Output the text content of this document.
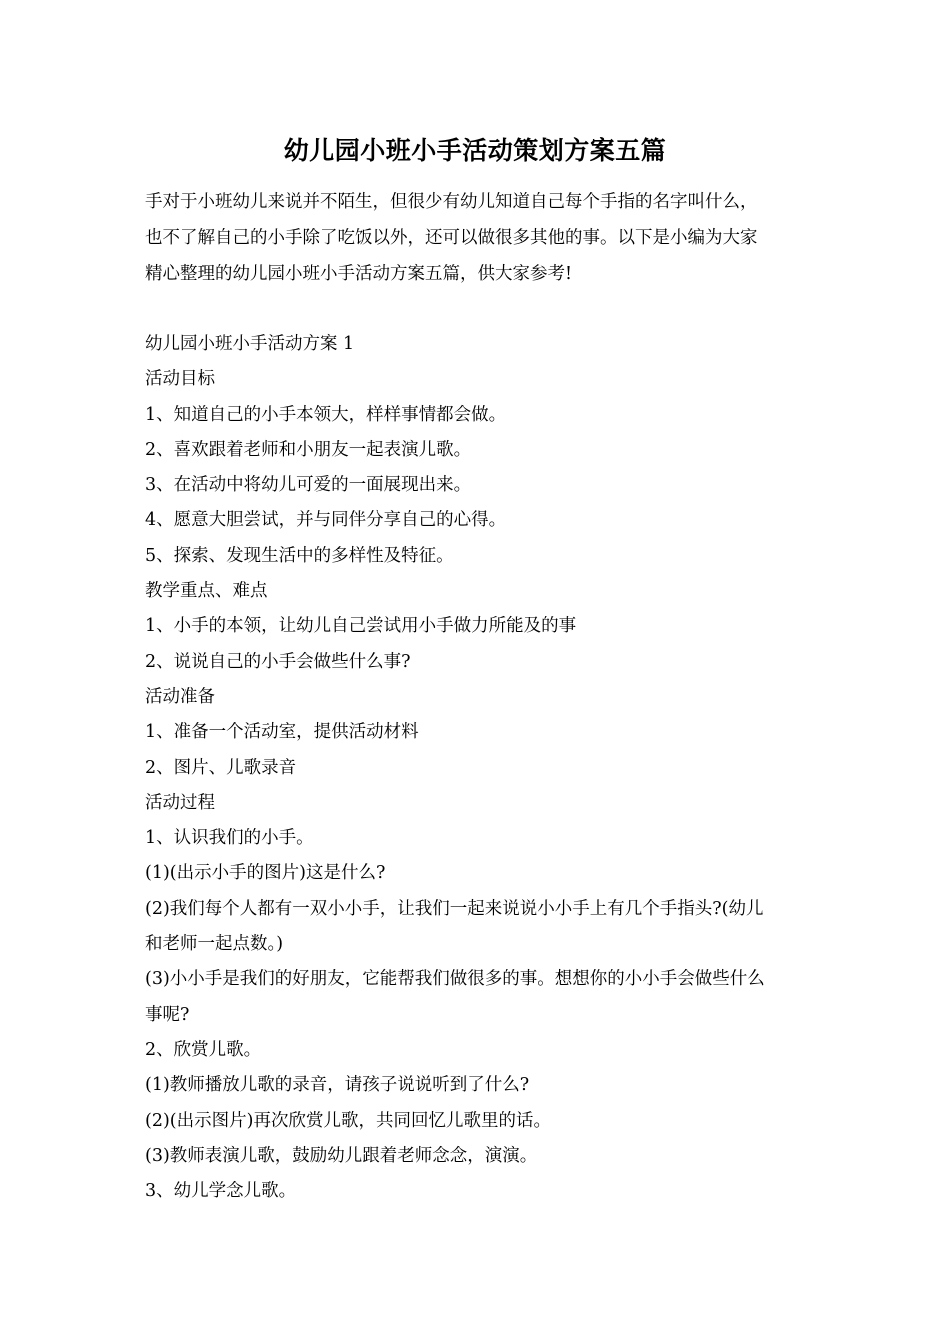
幼儿园小班小手活动策划方案五篇
手对于小班幼儿来说并不陌生，但很少有幼儿知道自己每个手指的名字叫什么，
也不了解自己的小手除了吃饭以外，还可以做很多其他的事。以下是小编为大家
精心整理的幼儿园小班小手活动方案五篇，供大家参考!
幼儿园小班小手活动方案 1
活动目标
1、知道自己的小手本领大，样样事情都会做。
2、喜欢跟着老师和小朋友一起表演儿歌。
3、在活动中将幼儿可爱的一面展现出来。
4、愿意大胆尝试，并与同伴分享自己的心得。
5、探索、发现生活中的多样性及特征。
教学重点、难点
1、小手的本领，让幼儿自己尝试用小手做力所能及的事
2、说说自己的小手会做些什么事?
活动准备
1、准备一个活动室，提供活动材料
2、图片、儿歌录音
活动过程
1、认识我们的小手。
(1)(出示小手的图片)这是什么?
(2)我们每个人都有一双小小手，让我们一起来说说小小手上有几个手指头?(幼儿
和老师一起点数。)
(3)小小手是我们的好朋友，它能帮我们做很多的事。想想你的小小手会做些什么
事呢?
2、欣赏儿歌。
(1)教师播放儿歌的录音，请孩子说说听到了什么?
(2)(出示图片)再次欣赏儿歌，共同回忆儿歌里的话。
(3)教师表演儿歌，鼓励幼儿跟着老师念念，演演。
3、幼儿学念儿歌。
